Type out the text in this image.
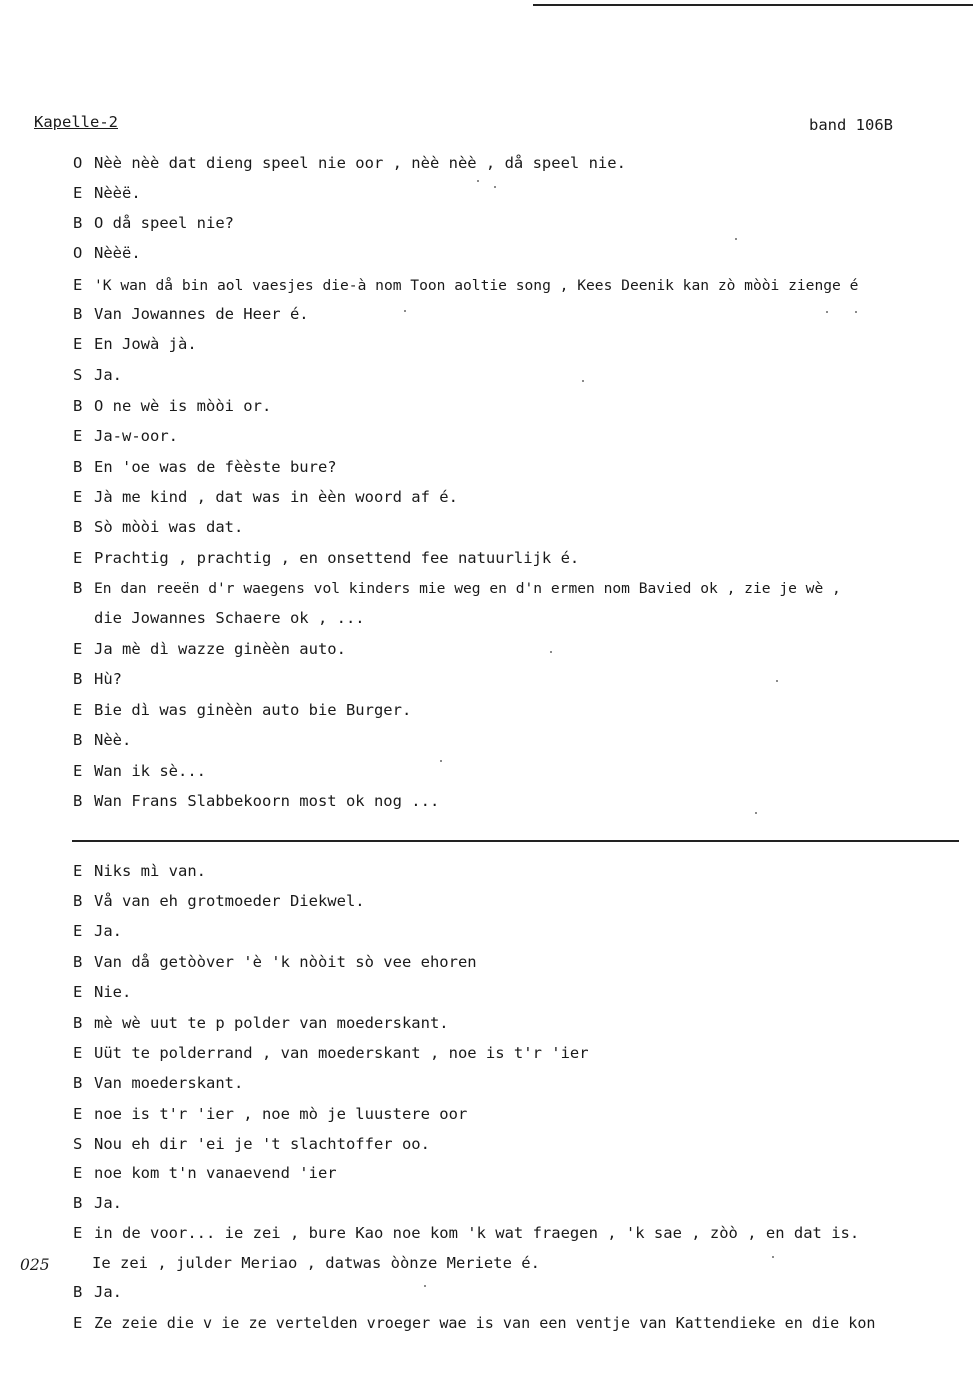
Kapelle-2	band 106B
O Nèè nèè dat dieng speel nie oor , nèè nèè , då speel nie.
E Nèèë.
B O då speel nie?
O Nèèë.
E 'K wan då bin aol vaesjes die-à nom Toon aoltie song , Kees Deenik kan zò mòòi zienge é
B Van Jowannes de Heer é.
E En Jowà jà.
S Ja.
B O ne wè is mòòi or.
E Ja-w-oor.
B En 'oe was de fèèste bure?
E Jà me kind , dat was in èèn woord af é.
B Sò mòòi was dat.
E Prachtig , prachtig , en onsettend fee natuurlijk é.
B En dan reeën d'r waegens vol kinders mie weg en d'n ermen nom Bavied ok , zie je wè ,
die Jowannes Schaere ok , ...
E Ja mè dì wazze ginèèn auto.
B Hù?
E Bie dì was ginèèn auto bie Burger.
B Nèè.
E Wan ik sè...
B Wan Frans Slabbekoorn most ok nog ...
E Niks mì van.
B Vå van eh grotmoeder Diekwel.
E Ja.
B Van då getòòver 'è 'k nòòit sò vee ehoren
E Nie.
B mè wè uut te p polder van moederskant.
E Uüt te polderrand , van moederskant , noe is t'r 'ier
B Van moederskant.
E noe is t'r 'ier , noe mò je luustere oor
S Nou eh dir 'ei je 't slachtoffer oo.
E noe kom t'n vanaevend 'ier
B Ja.
E in de voor... ie zei , bure Kao noe kom 'k wat fraegen , 'k sae , zòò , en dat is.
Ie zei , julder Meriao , datwas òònze Meriete é.
B Ja.
E Ze zeie die v ie ze vertelden vroeger wae is van een ventje van Kattendieke en die kon
025
